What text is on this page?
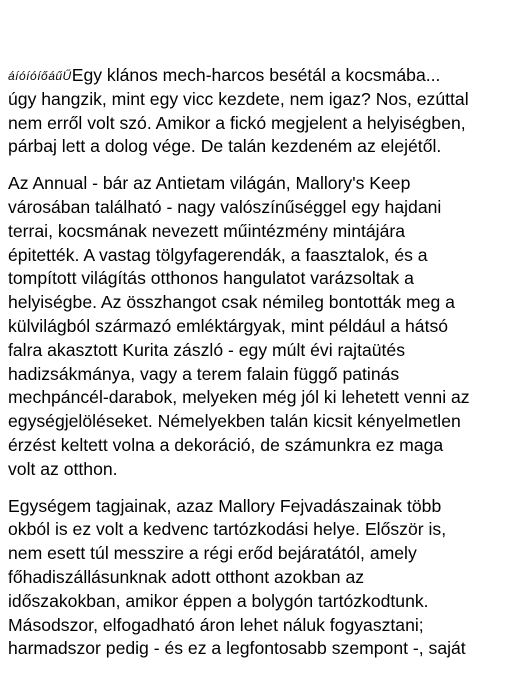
áíóíóíőáűŰEgy klános mech-harcos besétál a kocsmába...
úgy hangzik, mint egy vicc kezdete, nem igaz? Nos, ezúttal
nem erről volt szó. Amikor a fickó megjelent a helyiségben,
párbaj lett a dolog vége. De talán kezdeném az elejétől.
Az Annual - bár az Antietam világán, Mallory's Keep
városában található - nagy valószínűséggel egy hajdani
terrai, kocsmának nevezett műintézmény mintájára
épitették. A vastag tölgyfagerendák, a faasztalok, és a
tompított világítás otthonos hangulatot varázsoltak a
helyiségbe. Az összhangot csak némileg bontották meg a
külvilágból származó emléktárgyak, mint például a hátsó
falra akasztott Kurita zászló - egy múlt évi rajtaütés
hadizsákmánya, vagy a terem falain függő patinás
mechpáncél-darabok, melyeken még jól ki lehetett venni az
egységjelöléseket. Némelyekben talán kicsit kényelmetlen
érzést keltett volna a dekoráció, de számunkra ez maga
volt az otthon.
Egységem tagjainak, azaz Mallory Fejvadászainak több
okból is ez volt a kedvenc tartózkodási helye. Először is,
nem esett túl messzire a régi erőd bejáratától, amely
főhadiszállásunknak adott otthont azokban az
időszakokban, amikor éppen a bolygón tartózkodtunk.
Másodszor, elfogadható áron lehet náluk fogyasztani;
harmadszor pedig - és ez a legfontosabb szempont -, saját
